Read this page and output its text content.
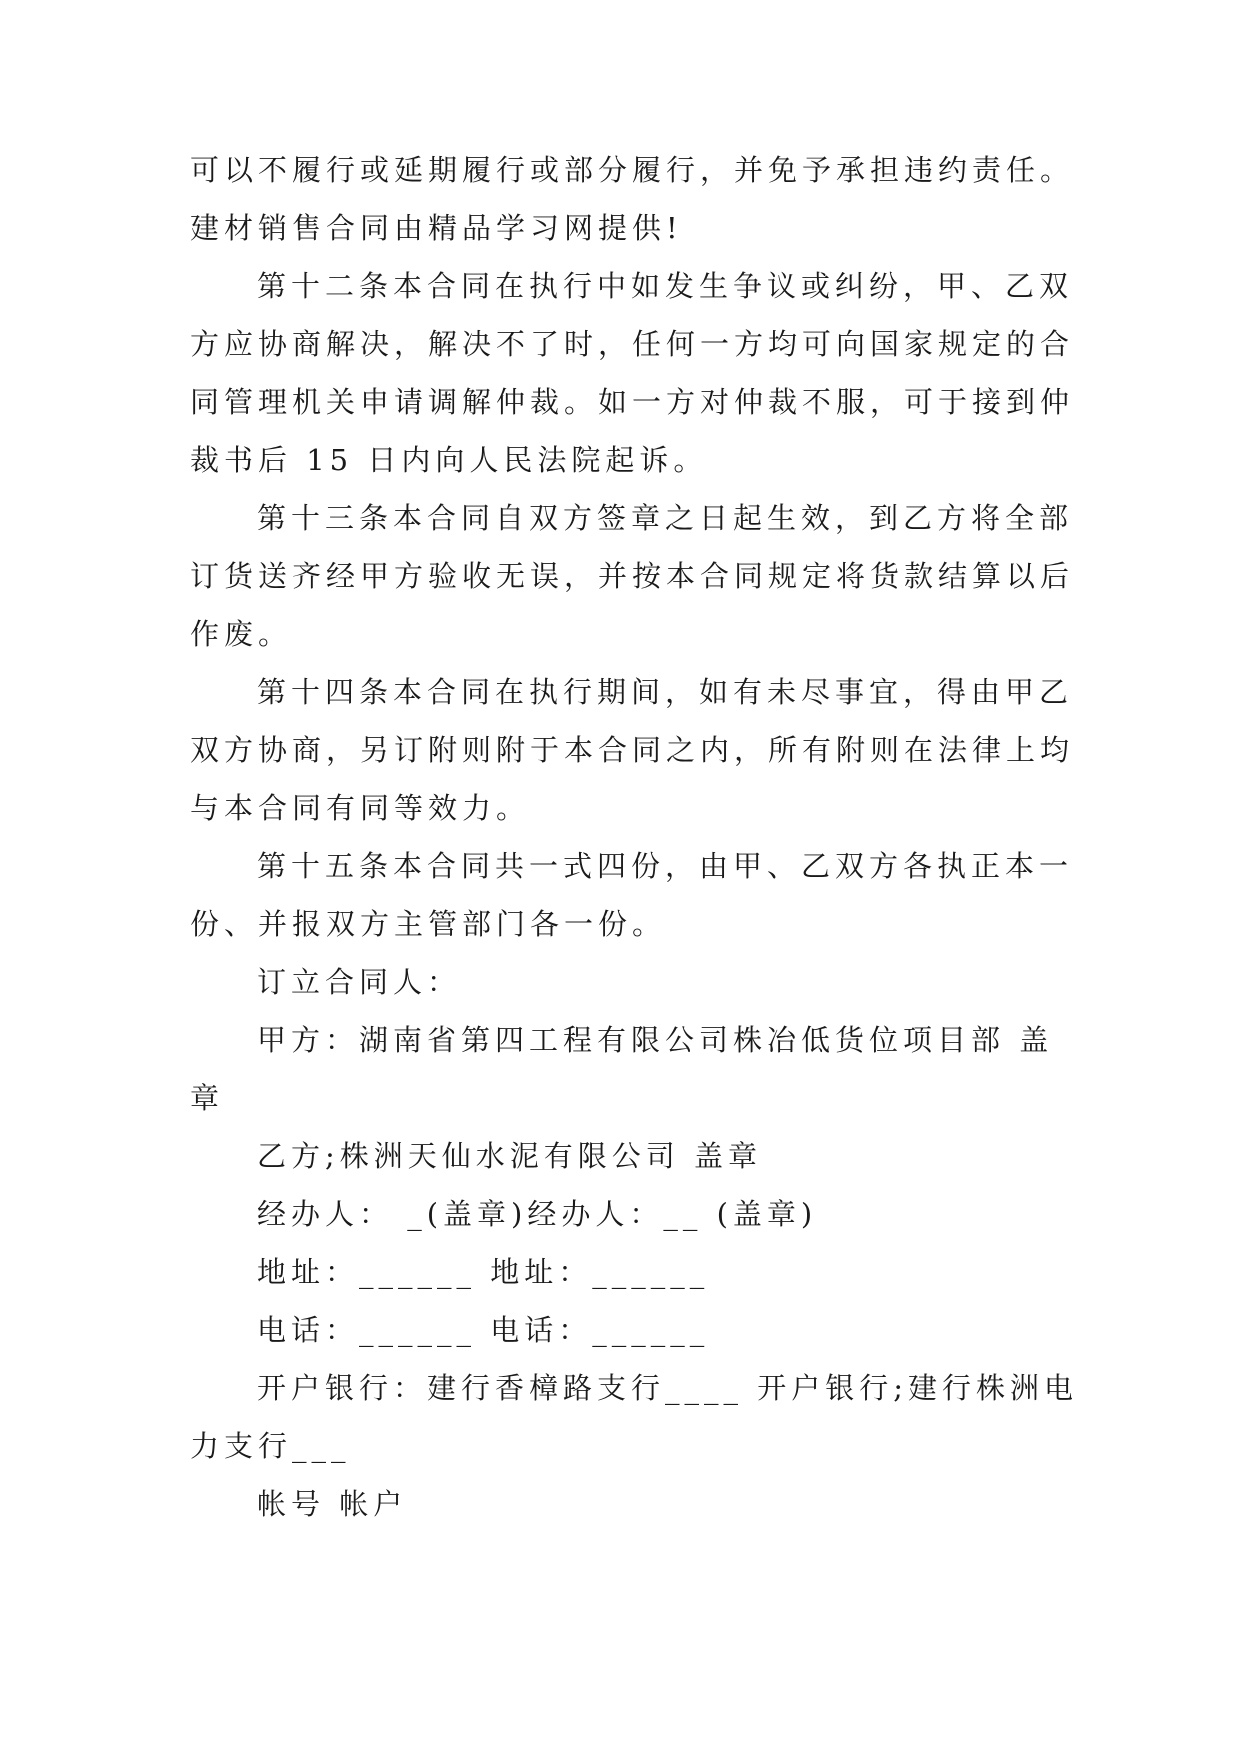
可以不履行或延期履行或部分履行，并免予承担违约责任。
建材销售合同由精品学习网提供!
第十二条本合同在执行中如发生争议或纠纷，甲、乙双
方应协商解决，解决不了时，任何一方均可向国家规定的合
同管理机关申请调解仲裁。如一方对仲裁不服，可于接到仲
裁书后 15 日内向人民法院起诉。
第十三条本合同自双方签章之日起生效，到乙方将全部
订货送齐经甲方验收无误，并按本合同规定将货款结算以后
作废。
第十四条本合同在执行期间，如有未尽事宜，得由甲乙
双方协商，另订附则附于本合同之内，所有附则在法律上均
与本合同有同等效力。
第十五条本合同共一式四份，由甲、乙双方各执正本一
份、并报双方主管部门各一份。
订立合同人：
甲方：湖南省第四工程有限公司株冶低货位项目部 盖
章
乙方;株洲天仙水泥有限公司 盖章
经办人： _(盖章)经办人：__ (盖章)
地址：______ 地址：______
电话：______ 电话：______
开户银行：建行香樟路支行____ 开户银行;建行株洲电
力支行___
帐号 帐户
